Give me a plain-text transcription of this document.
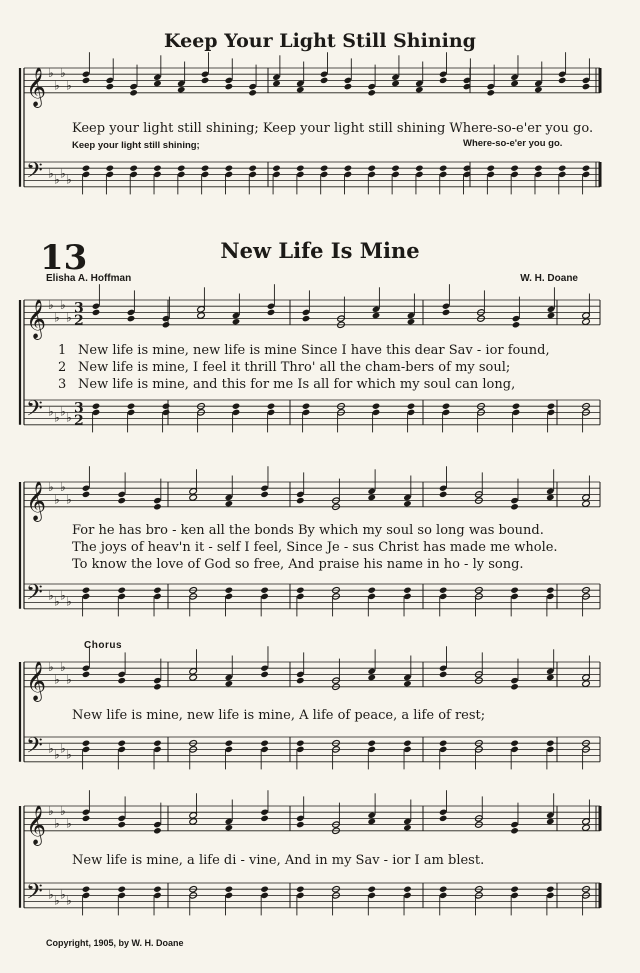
Keep Your Light Still Shining
𝄞
𝄢
♭
♭
♭
♭
♭
♭
♭
♭
𝄞
𝄢
♭
♭
♭
♭
♭
♭
♭
♭
3
2
3
2
𝄞
𝄢
♭
♭
♭
♭
♭
♭
♭
♭
𝄞
𝄢
♭
♭
♭
♭
♭
♭
♭
♭
𝄞
𝄢
♭
♭
♭
♭
♭
♭
♭
♭
Keep your light still shining; Keep your light still shining Where-so-e'er you go.
Keep your light still shining;	Where-so-e'er you go.
13	New Life Is Mine
Elisha A. Hoffman	W. H. Doane
1 New life is mine, new life is mine Since I have this dear Sav - ior found,
2 New life is mine, I feel it thrill Thro' all the cham-bers of my soul;
3 New life is mine, and this for me Is all for which my soul can long,
For he has bro - ken all the bonds By which my soul so long was bound.
The joys of heav'n it - self I feel, Since Je - sus Christ has made me whole.
To know the love of God so free, And praise his name in ho - ly song.
Chorus
New life is mine, new life is mine, A life of peace, a life of rest;
New life is mine, a life di - vine, And in my Sav - ior I am blest.
Copyright, 1905, by W. H. Doane
